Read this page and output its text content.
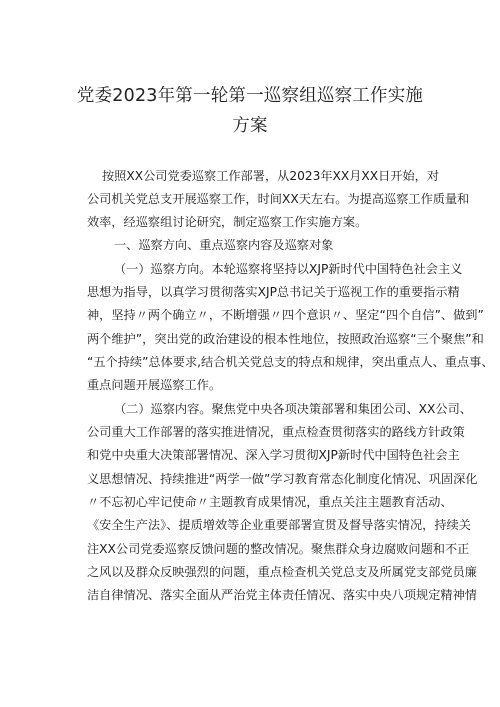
党委2023年第一轮第一巡察组巡察工作实施
方案
按照XX公司党委巡察工作部署，从2023年XX月XX日开始，对
公司机关党总支开展巡察工作，时间XX天左右。为提高巡察工作质量和
效率，经巡察组讨论研究，制定巡察工作实施方案。
一、巡察方向、重点巡察内容及巡察对象
（一）巡察方向。本轮巡察将坚持以XJP新时代中国特色社会主义
思想为指导，以真学习贯彻落实XJP总书记关于巡视工作的重要指示精
神，坚持〃两个确立〃，不断增强〃四个意识〃、坚定“四个自信”、做到”
两个维护”，突出党的政治建设的根本性地位，按照政治巡察“三个聚焦”和
“五个持续”总体要求,结合机关党总支的特点和规律，突出重点人、重点事、
重点问题开展巡察工作。
（二）巡察内容。聚焦党中央各项决策部署和集团公司、XX公司、
公司重大工作部署的落实推进情况，重点检查贯彻落实的路线方针政策
和党中央重大决策部署情况、深入学习贯彻XJP新时代中国特色社会主
义思想情况、持续推进“两学一做”学习教育常态化制度化情况、巩固深化
〃不忘初心牢记使命〃主题教育成果情况，重点关注主题教育活动、
《安全生产法》、提质增效等企业重要部署宣贯及督导落实情况，持续关
注XX公司党委巡察反馈问题的整改情况。聚焦群众身边腐败问题和不正
之风以及群众反映强烈的问题，重点检查机关党总支及所属党支部党员廉
洁自律情况、落实全面从严治党主体责任情况、落实中央八项规定精神情
